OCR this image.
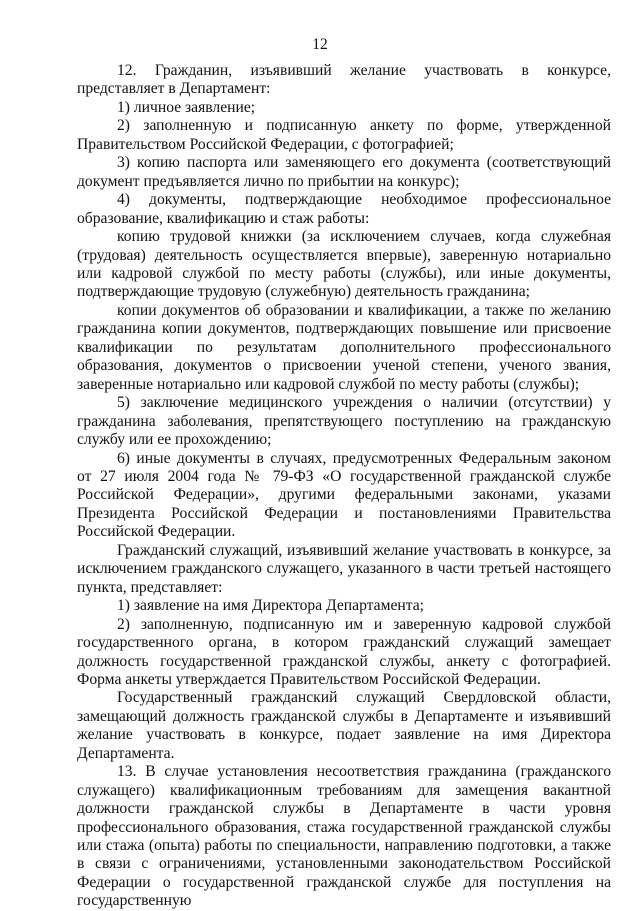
12

12. Гражданин, изъявивший желание участвовать в конкурсе, представляет в Департамент:

1) личное заявление;

2) заполненную и подписанную анкету по форме, утвержденной Правительством Российской Федерации, с фотографией;

3) копию паспорта или заменяющего его документа (соответствующий документ предъявляется лично по прибытии на конкурс);

4) документы, подтверждающие необходимое профессиональное образование, квалификацию и стаж работы:

копию трудовой книжки (за исключением случаев, когда служебная (трудовая) деятельность осуществляется впервые), заверенную нотариально или кадровой службой по месту работы (службы), или иные документы, подтверждающие трудовую (служебную) деятельность гражданина;

копии документов об образовании и квалификации, а также по желанию гражданина копии документов, подтверждающих повышение или присвоение квалификации по результатам дополнительного профессионального образования, документов о присвоении ученой степени, ученого звания, заверенные нотариально или кадровой службой по месту работы (службы);

5) заключение медицинского учреждения о наличии (отсутствии) у гражданина заболевания, препятствующего поступлению на гражданскую службу или ее прохождению;

6) иные документы в случаях, предусмотренных Федеральным законом от 27 июля 2004 года № 79-ФЗ «О государственной гражданской службе Российской Федерации», другими федеральными законами, указами Президента Российской Федерации и постановлениями Правительства Российской Федерации.

Гражданский служащий, изъявивший желание участвовать в конкурсе, за исключением гражданского служащего, указанного в части третьей настоящего пункта, представляет:

1) заявление на имя Директора Департамента;

2) заполненную, подписанную им и заверенную кадровой службой государственного органа, в котором гражданский служащий замещает должность государственной гражданской службы, анкету с фотографией. Форма анкеты утверждается Правительством Российской Федерации.

Государственный гражданский служащий Свердловской области, замещающий должность гражданской службы в Департаменте и изъявивший желание участвовать в конкурсе, подает заявление на имя Директора Департамента.

13. В случае установления несоответствия гражданина (гражданского служащего) квалификационным требованиям для замещения вакантной должности гражданской службы в Департаменте в части уровня профессионального образования, стажа государственной гражданской службы или стажа (опыта) работы по специальности, направлению подготовки, а также в связи с ограничениями, установленными законодательством Российской Федерации о государственной гражданской службе для поступления на государственную
